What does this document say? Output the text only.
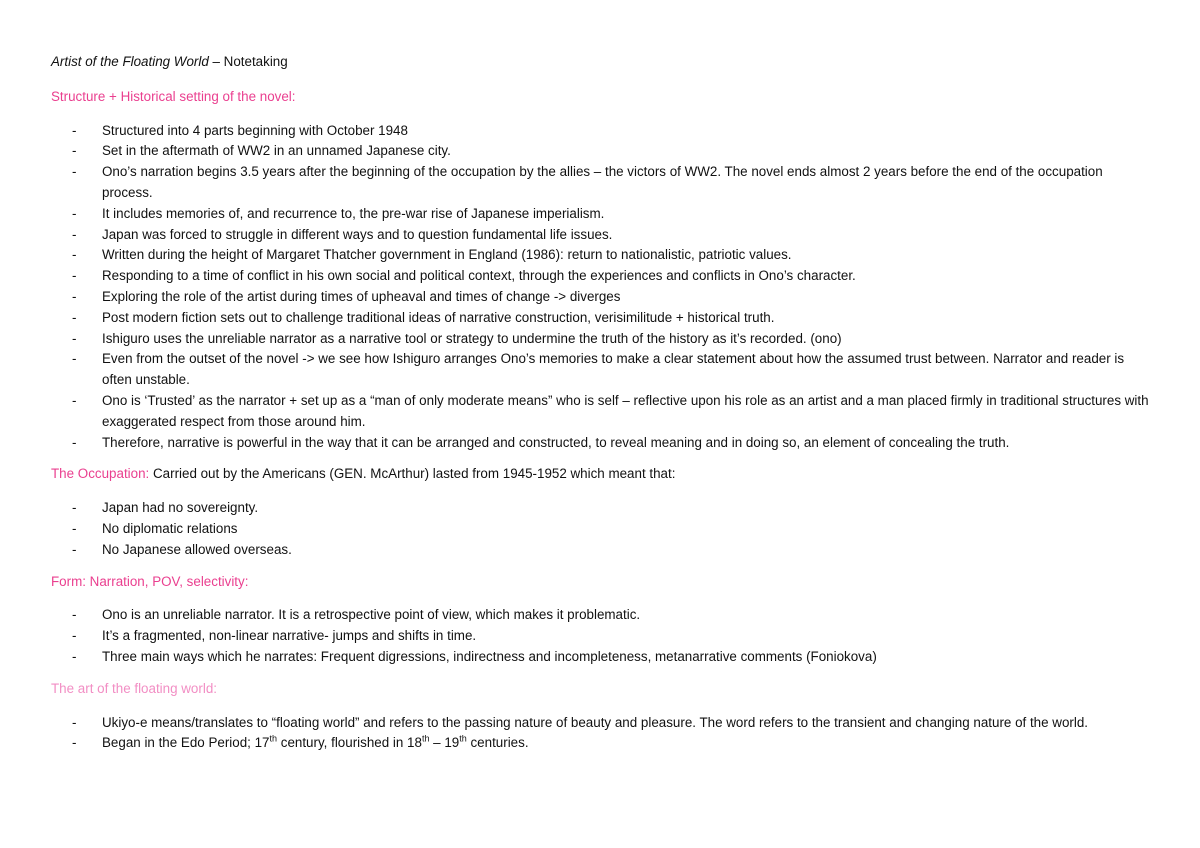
Artist of the Floating World – Notetaking

Structure + Historical setting of the novel:

- Structured into 4 parts beginning with October 1948
- Set in the aftermath of WW2 in an unnamed Japanese city.
- Ono’s narration begins 3.5 years after the beginning of the occupation by the allies – the victors of WW2. The novel ends almost 2 years before the end of the occupation process.
- It includes memories of, and recurrence to, the pre-war rise of Japanese imperialism.
- Japan was forced to struggle in different ways and to question fundamental life issues.
- Written during the height of Margaret Thatcher government in England (1986): return to nationalistic, patriotic values.
- Responding to a time of conflict in his own social and political context, through the experiences and conflicts in Ono’s character.
- Exploring the role of the artist during times of upheaval and times of change -> diverges
- Post modern fiction sets out to challenge traditional ideas of narrative construction, verisimilitude + historical truth.
- Ishiguro uses the unreliable narrator as a narrative tool or strategy to undermine the truth of the history as it’s recorded. (ono)
- Even from the outset of the novel -> we see how Ishiguro arranges Ono’s memories to make a clear statement about how the assumed trust between. Narrator and reader is often unstable.
- Ono is ‘Trusted’ as the narrator + set up as a “man of only moderate means” who is self – reflective upon his role as an artist and a man placed firmly in traditional structures with exaggerated respect from those around him.
- Therefore, narrative is powerful in the way that it can be arranged and constructed, to reveal meaning and in doing so, an element of concealing the truth.

The Occupation: Carried out by the Americans (GEN. McArthur) lasted from 1945-1952 which meant that:

- Japan had no sovereignty.
- No diplomatic relations
- No Japanese allowed overseas.

Form: Narration, POV, selectivity:

- Ono is an unreliable narrator. It is a retrospective point of view, which makes it problematic.
- It’s a fragmented, non-linear narrative- jumps and shifts in time.
- Three main ways which he narrates: Frequent digressions, indirectness and incompleteness, metanarrative comments (Foniokova)

The art of the floating world:

- Ukiyo-e means/translates to “floating world” and refers to the passing nature of beauty and pleasure. The word refers to the transient and changing nature of the world.
- Began in the Edo Period; 17th century, flourished in 18th – 19th centuries.
